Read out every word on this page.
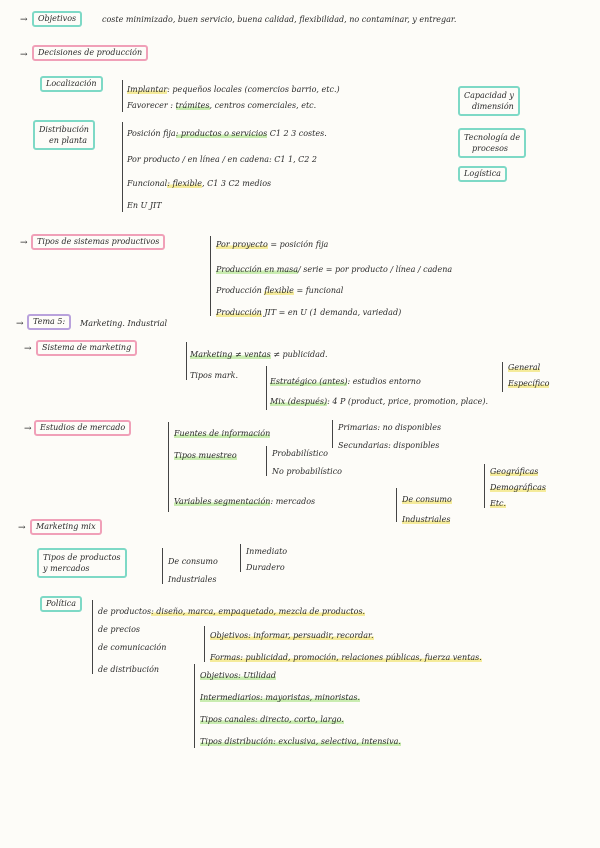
→	Objetivos	coste minimizado, buen servicio, buena calidad, flexibilidad, no contaminar, y entregar.
→	Decisiones de producción
Localización
Implantar: pequeños locales (comercios barrio, etc.)
Favorecer : trámites, centros comerciales, etc.
Distribución
en planta
Posición fija: productos o servicios C1 2 3 costes.
Por producto / en línea / en cadena: C1 1, C2 2
Funcional: flexible, C1 3 C2 medios
En U JIT
Capacidad y
dimensión
Tecnología de
procesos
Logística
→	Tipos de sistemas productivos	Por proyecto = posición fija
Producción en masa/ serie = por producto / línea / cadena
Producción flexible = funcional
Producción JIT = en U (1 demanda, variedad)
→	Tema 5:	Marketing. Industrial
→	Sistema de marketing
Marketing ≠ ventas ≠ publicidad.
Tipos mark.
Estratégico (antes): estudios entorno
General
Específico
Mix (después): 4 P (product, price, promotion, place).
→	Estudios de mercado
Fuentes de información
Primarias: no disponibles
Secundarias: disponibles
Tipos muestreo	Probabilístico
No probabilístico
Variables segmentación: mercados	De consumo
Industriales
Geográficas
Demográficas
Etc.
→	Marketing mix
Tipos de productos
y mercados
De consumo
Inmediato
Duradero
Industriales
Política
de productos: diseño, marca, empaquetado, mezcla de productos.
de precios
de comunicación
Objetivos: informar, persuadir, recordar.
Formas: publicidad, promoción, relaciones públicas, fuerza ventas.
de distribución
Objetivos: Utilidad
Intermediarios: mayoristas, minoristas.
Tipos canales: directo, corto, largo.
Tipos distribución: exclusiva, selectiva, intensiva.
